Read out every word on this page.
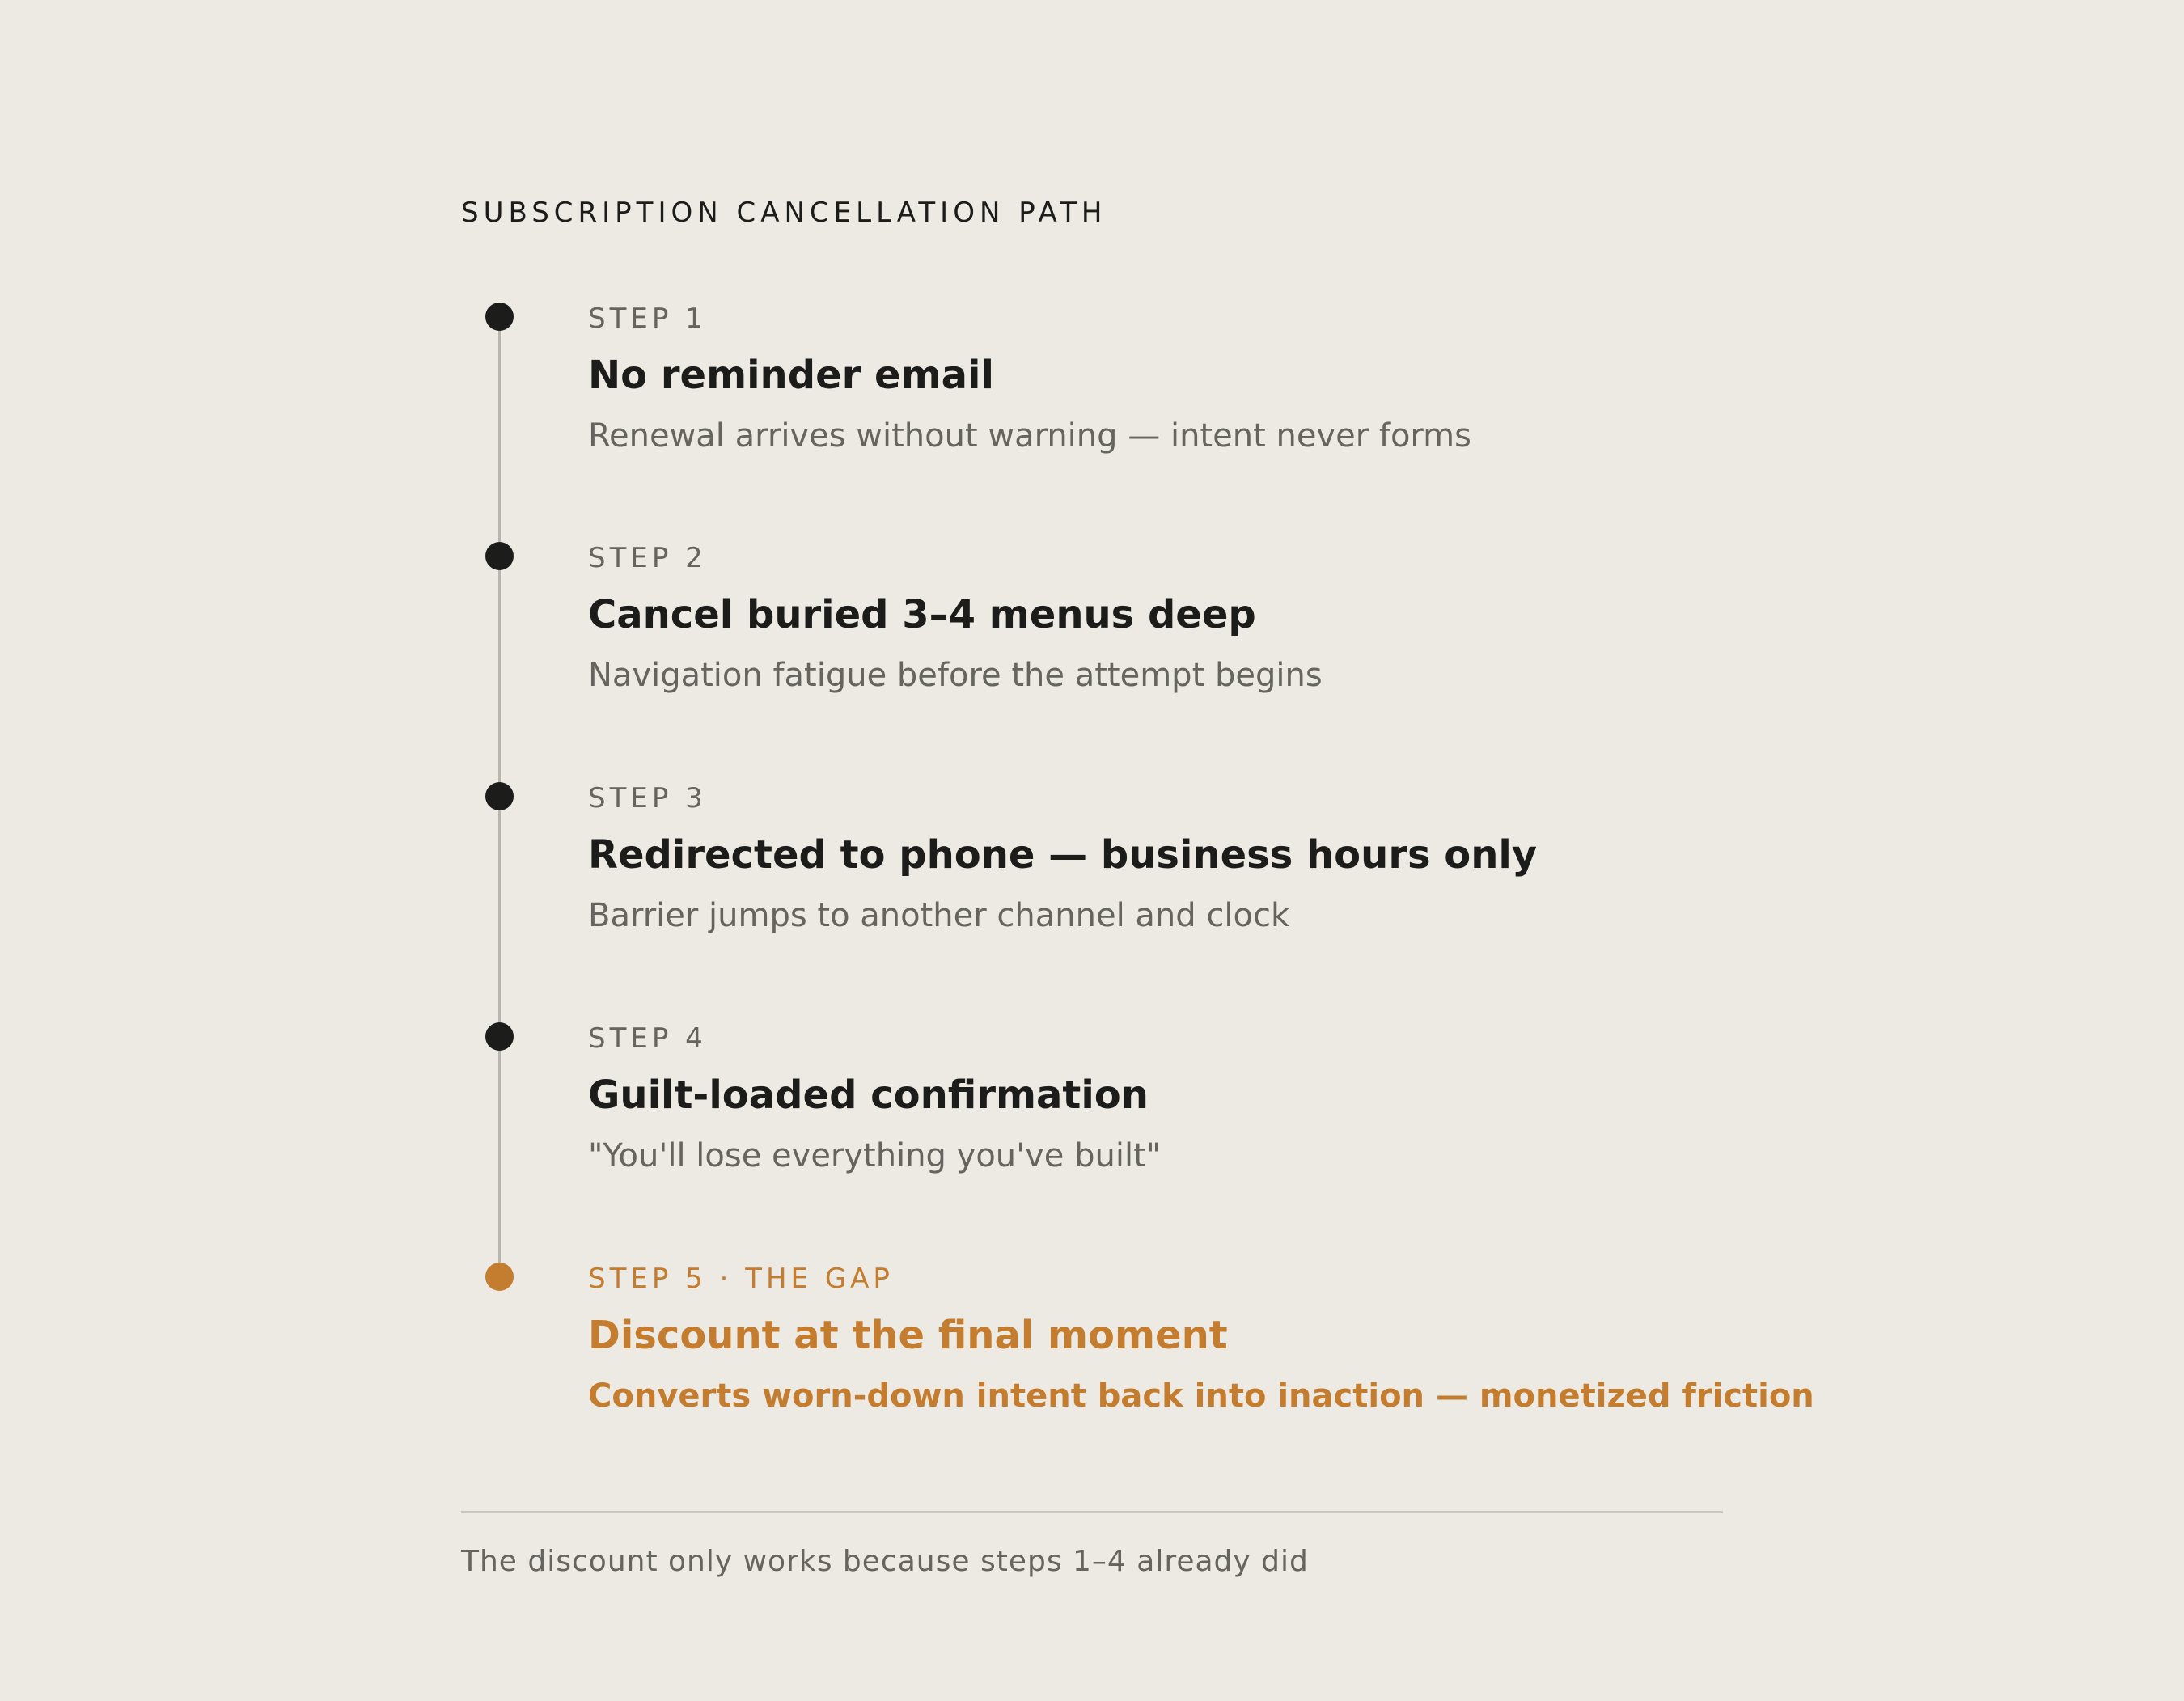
SUBSCRIPTION CANCELLATION PATH
STEP 1
No reminder email
Renewal arrives without warning — intent never forms
STEP 2
Cancel buried 3–4 menus deep
Navigation fatigue before the attempt begins
STEP 3
Redirected to phone — business hours only
Barrier jumps to another channel and clock
STEP 4
Guilt-loaded confirmation
"You'll lose everything you've built"
STEP 5 · THE GAP
Discount at the final moment
Converts worn-down intent back into inaction — monetized friction
The discount only works because steps 1–4 already did
